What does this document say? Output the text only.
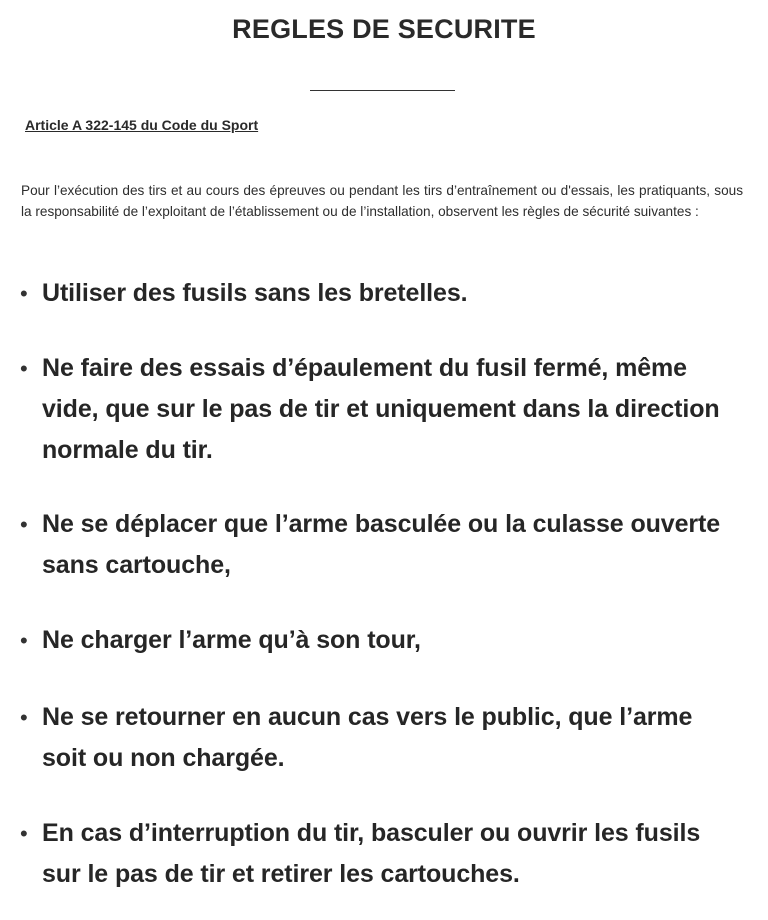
REGLES DE SECURITE
Article A 322-145 du Code du Sport

Pour l’exécution des tirs et au cours des épreuves ou pendant les tirs d’entraînement ou d'essais, les pratiquants, sous la responsabilité de l’exploitant de l’établissement ou de l’installation, observent les règles de sécurité suivantes :

• Utiliser des fusils sans les bretelles.
• Ne faire des essais d’épaulement du fusil fermé, même vide, que sur le pas de tir et uniquement dans la direction normale du tir.
• Ne se déplacer que l’arme basculée ou la culasse ouverte sans cartouche,
• Ne charger l’arme qu’à son tour,
• Ne se retourner en aucun cas vers le public, que l’arme soit ou non chargée.
• En cas d’interruption du tir, basculer ou ouvrir les fusils sur le pas de tir et retirer les cartouches.
